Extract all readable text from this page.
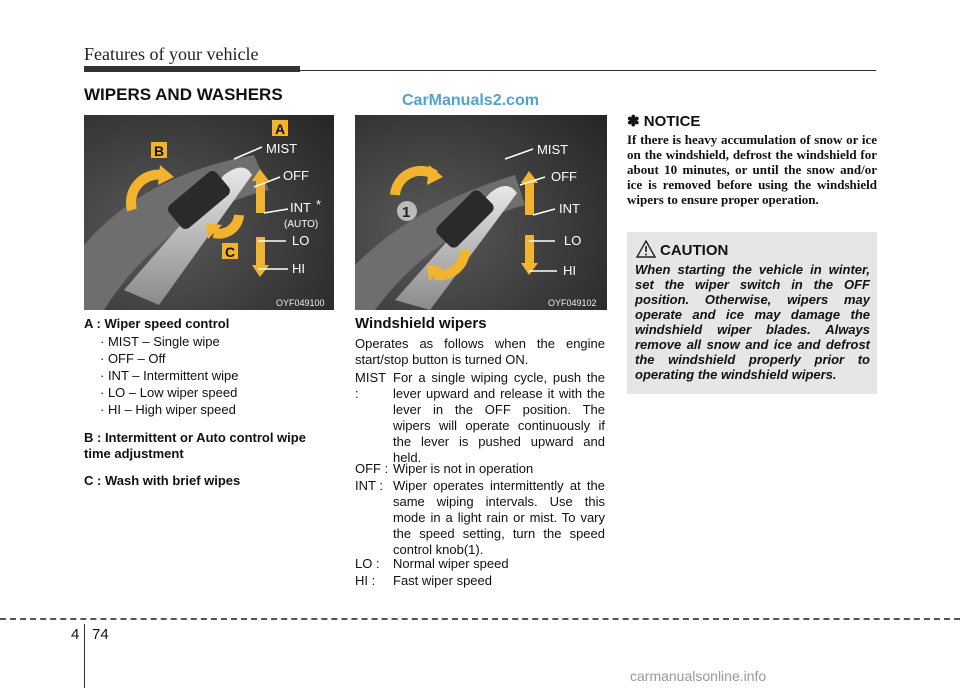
Features of your vehicle
WIPERS AND WASHERS	CarManuals2.com
A
B
C
MIST
OFF
INT *
(AUTO)
LO
HI
OYF049100
1
MIST
OFF
INT
LO
HI
OYF049102
A : Wiper speed control
· MIST – Single wipe
· OFF – Off
· INT – Intermittent wipe
· LO – Low wiper speed
· HI – High wiper speed
B : Intermittent or Auto control wipe time adjustment
C : Wash with brief wipes
Windshield wipers
Operates as follows when the engine start/stop button is turned ON.
MIST :For a single wiping cycle, push the lever upward and release it with the lever in the OFF position. The wipers will operate continuously if the lever is pushed upward and held.
OFF : Wiper is not in operation
INT : Wiper operates intermittently at the same wiping intervals. Use this mode in a light rain or mist. To vary the speed setting, turn the speed control knob(1).
LO : Normal wiper speed
HI : Fast wiper speed
✽ NOTICE
If there is heavy accumulation of snow or ice on the windshield, defrost the windshield for about 10 minutes, or until the snow and/or ice is removed before using the windshield wipers to ensure proper operation.
CAUTION
When starting the vehicle in winter, set the wiper switch in the OFF position. Otherwise, wipers may operate and ice may damage the windshield wiper blades. Always remove all snow and ice and defrost the windshield properly prior to operating the windshield wipers.
4 74
carmanualsonline.info
